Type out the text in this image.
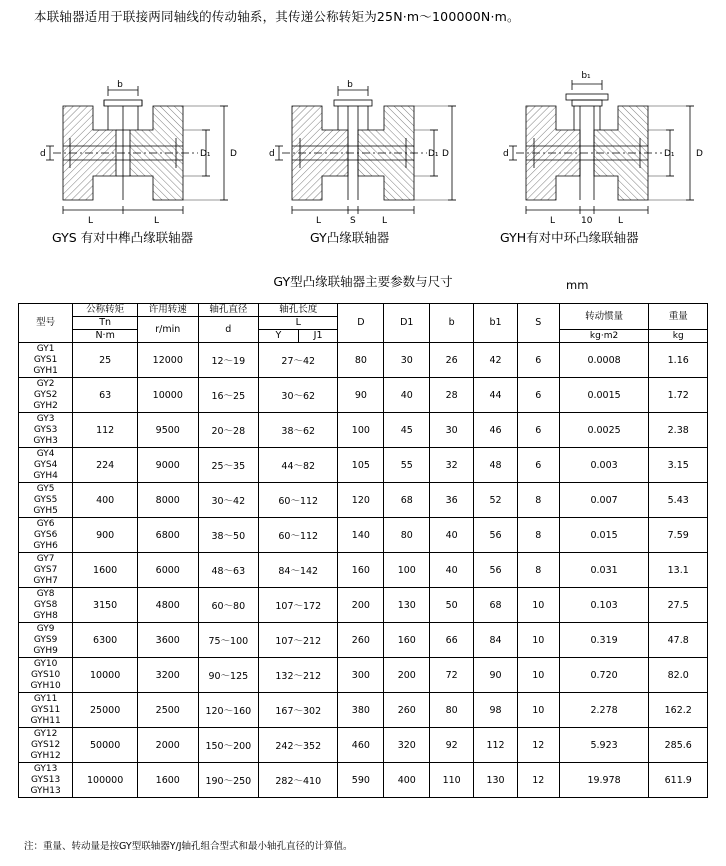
本联轴器适用于联接两同轴线的传动轴系，其传递公称转矩为25N·m～100000N·m。
b
d	D₁ D
L	L
b
d	D₁ D
L	S	L
b₁
d	D₁ D
L	10	L
GYS 有对中榫凸缘联轴器	GY凸缘联轴器	GYH有对中环凸缘联轴器
GY型凸缘联轴器主要参数与尺寸	mm
型号	公称转矩	许用转速	轴孔直径	轴孔长度		D	D1	b	b1	S	转动惯量	重量
	Tn	r/min	d	L								
	N·m			Y	J1						kg·m2	kg

GY1
GYS1
GYH1	25	12000	12～19	27～42		80	30	26	42	6	0.0008	1.16
GY2
GYS2
GYH2	63	10000	16～25	30～62		90	40	28	44	6	0.0015	1.72
GY3
GYS3
GYH3	112	9500	20～28	38～62		100	45	30	46	6	0.0025	2.38
GY4
GYS4
GYH4	224	9000	25～35	44～82		105	55	32	48	6	0.003	3.15
GY5
GYS5
GYH5	400	8000	30～42	60～112		120	68	36	52	8	0.007	5.43
GY6
GYS6
GYH6	900	6800	38～50	60～112		140	80	40	56	8	0.015	7.59
GY7
GYS7
GYH7	1600	6000	48～63	84～142		160	100	40	56	8	0.031	13.1
GY8
GYS8
GYH8	3150	4800	60～80	107～172		200	130	50	68	10	0.103	27.5
GY9
GYS9
GYH9	6300	3600	75～100	107～212		260	160	66	84	10	0.319	47.8
GY10
GYS10
GYH10	10000	3200	90～125	132～212		300	200	72	90	10	0.720	82.0
GY11
GYS11
GYH11	25000	2500	120～160	167～302		380	260	80	98	10	2.278	162.2
GY12
GYS12
GYH12	50000	2000	150～200	242～352		460	320	92	112	12	5.923	285.6
GY13
GYS13
GYH13	100000	1600	190～250	282～410		590	400	110	130	12	19.978	611.9
注：重量、转动量是按GY型联轴器Y/J轴孔组合型式和最小轴孔直径的计算值。
